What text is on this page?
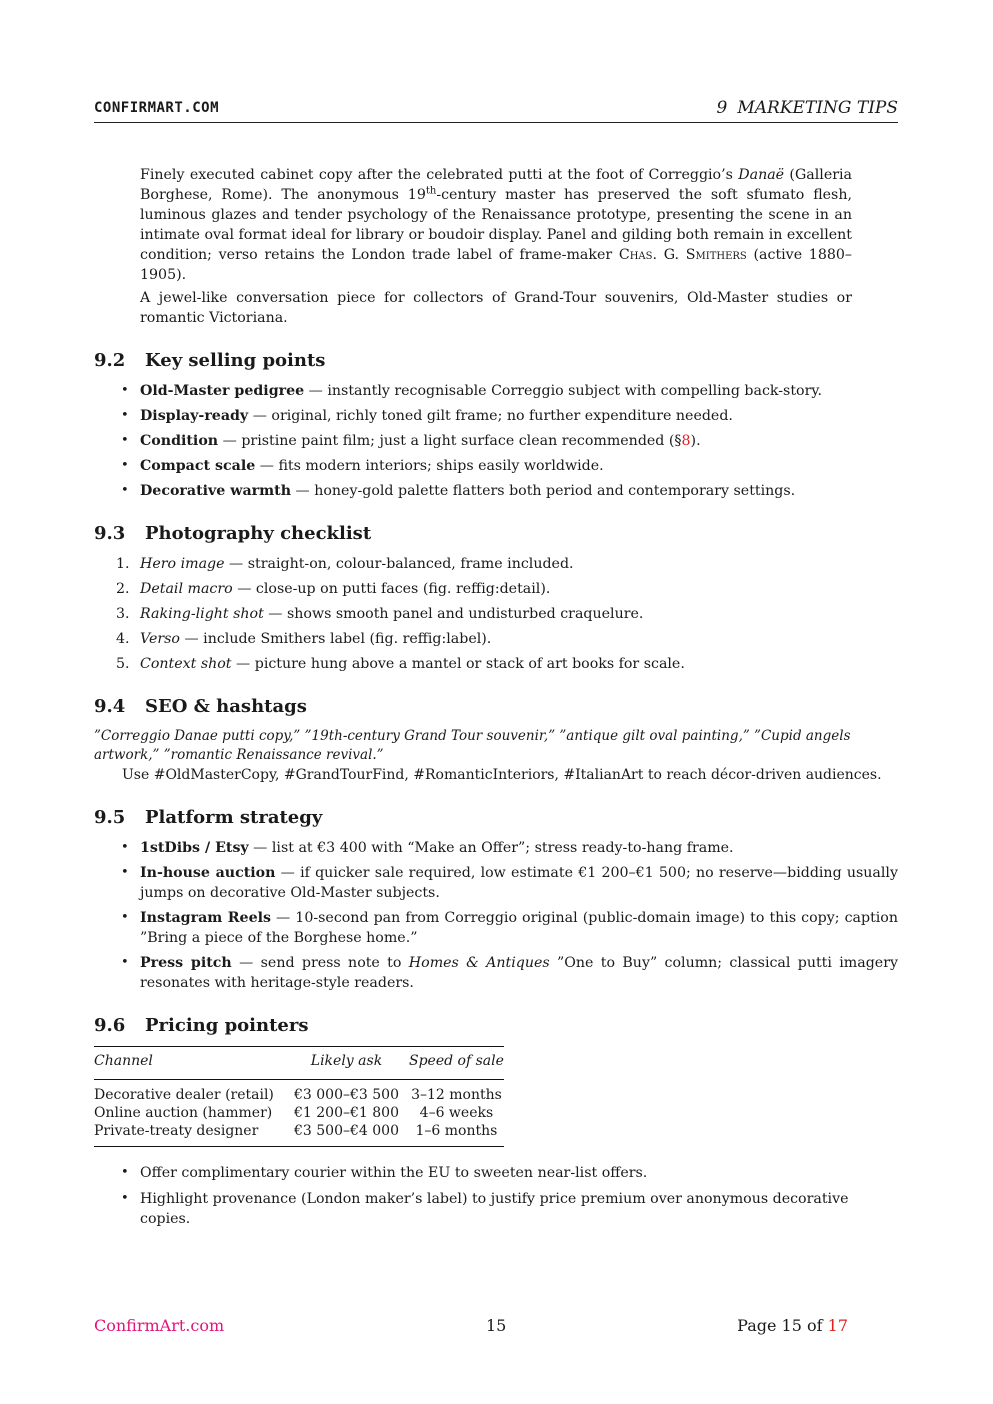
CONFIRMART.COM	9 MARKETING TIPS

Finely executed cabinet copy after the celebrated putti at the foot of Correggio’s Danaë (Galleria Borghese, Rome). The anonymous 19th-century master has preserved the soft sfumato flesh, luminous glazes and tender psychology of the Renaissance prototype, presenting the scene in an intimate oval format ideal for library or boudoir display. Panel and gilding both remain in excellent condition; verso retains the London trade label of frame-maker Chas. G. Smithers (active 1880–1905).

A jewel-like conversation piece for collectors of Grand-Tour souvenirs, Old-Master studies or romantic Victoriana.

9.2 Key selling points
• Old-Master pedigree — instantly recognisable Correggio subject with compelling back-story.
• Display-ready — original, richly toned gilt frame; no further expenditure needed.
• Condition — pristine paint film; just a light surface clean recommended (§8).
• Compact scale — fits modern interiors; ships easily worldwide.
• Decorative warmth — honey-gold palette flatters both period and contemporary settings.
9.3 Photography checklist
1. Hero image — straight-on, colour-balanced, frame included.
2. Detail macro — close-up on putti faces (fig. reffig:detail).
3. Raking-light shot — shows smooth panel and undisturbed craquelure.
4. Verso — include Smithers label (fig. reffig:label).
5. Context shot — picture hung above a mantel or stack of art books for scale.
9.4 SEO & hashtags

”Correggio Danae putti copy,” ”19th-century Grand Tour souvenir,” ”antique gilt oval painting,” ”Cupid angels artwork,” ”romantic Renaissance revival.”

Use #OldMasterCopy, #GrandTourFind, #RomanticInteriors, #ItalianArt to reach décor-driven audiences.

9.5 Platform strategy
• 1stDibs / Etsy — list at €3 400 with “Make an Offer”; stress ready-to-hang frame.
• In-house auction — if quicker sale required, low estimate €1 200–€1 500; no reserve—bidding usually jumps on decorative Old-Master subjects.
• Instagram Reels — 10-second pan from Correggio original (public-domain image) to this copy; caption ”Bring a piece of the Borghese home.”
• Press pitch — send press note to Homes & Antiques ”One to Buy” column; classical putti imagery resonates with heritage-style readers.
9.6 Pricing pointers
Channel	Likely ask	Speed of sale
Decorative dealer (retail)	€3 000–€3 500	3–12 months
Online auction (hammer)	€1 200–€1 800	4–6 weeks
Private-treaty designer	€3 500–€4 000	1–6 months
• Offer complimentary courier within the EU to sweeten near-list offers.
• Highlight provenance (London maker’s label) to justify price premium over anonymous decorative copies.
ConfirmArt.com	15	Page 15 of 17
